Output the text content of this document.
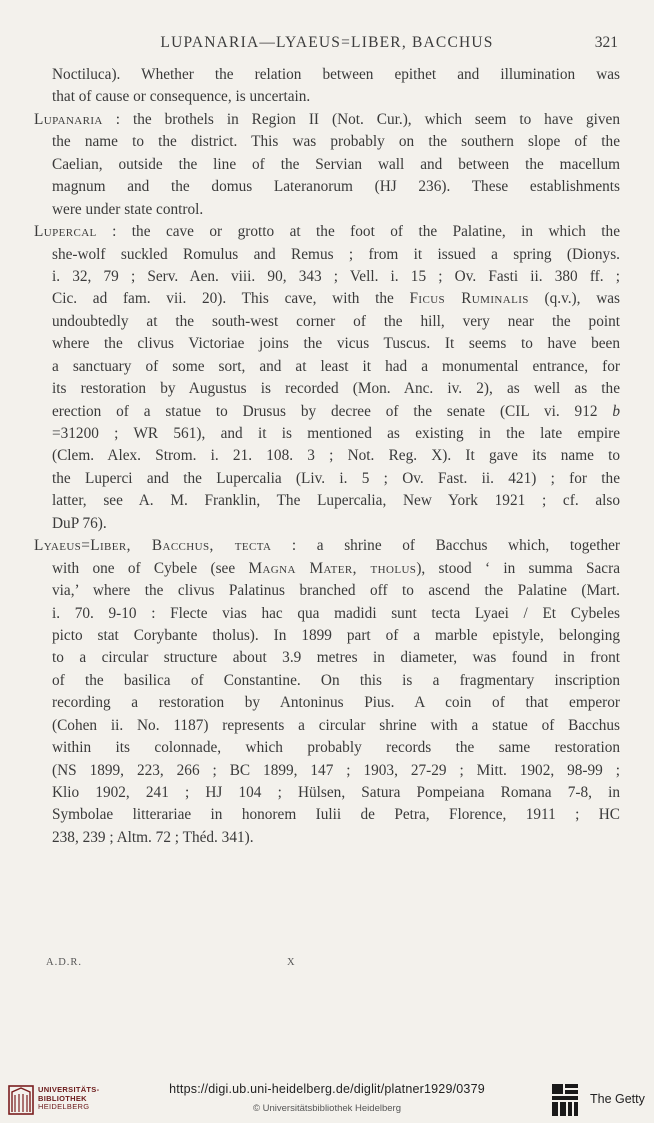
LUPANARIA—LYAEUS=LIBER, BACCHUS	321
Noctiluca). Whether the relation between epithet and illumination was
that of cause or consequence, is uncertain.
Lupanaria : the brothels in Region II (Not. Cur.), which seem to have given
the name to the district. This was probably on the southern slope of the
Caelian, outside the line of the Servian wall and between the macellum
magnum and the domus Lateranorum (HJ 236). These establishments
were under state control.
Lupercal : the cave or grotto at the foot of the Palatine, in which the
she-wolf suckled Romulus and Remus ; from it issued a spring (Dionys.
i. 32, 79 ; Serv. Aen. viii. 90, 343 ; Vell. i. 15 ; Ov. Fasti ii. 380 ff. ;
Cic. ad fam. vii. 20). This cave, with the Ficus Ruminalis (q.v.), was
undoubtedly at the south-west corner of the hill, very near the point
where the clivus Victoriae joins the vicus Tuscus. It seems to have been
a sanctuary of some sort, and at least it had a monumental entrance, for
its restoration by Augustus is recorded (Mon. Anc. iv. 2), as well as the
erection of a statue to Drusus by decree of the senate (CIL vi. 912 b
=31200 ; WR 561), and it is mentioned as existing in the late empire
(Clem. Alex. Strom. i. 21. 108. 3 ; Not. Reg. X). It gave its name to
the Luperci and the Lupercalia (Liv. i. 5 ; Ov. Fast. ii. 421) ; for the
latter, see A. M. Franklin, The Lupercalia, New York 1921 ; cf. also
DuP 76).
Lyaeus=Liber, Bacchus, tecta : a shrine of Bacchus which, together
with one of Cybele (see Magna Mater, tholus), stood ‘ in summa Sacra
via,’ where the clivus Palatinus branched off to ascend the Palatine (Mart.
i. 70. 9-10 : Flecte vias hac qua madidi sunt tecta Lyaei / Et Cybeles
picto stat Corybante tholus). In 1899 part of a marble epistyle, belonging
to a circular structure about 3.9 metres in diameter, was found in front
of the basilica of Constantine. On this is a fragmentary inscription
recording a restoration by Antoninus Pius. A coin of that emperor
(Cohen ii. No. 1187) represents a circular shrine with a statue of Bacchus
within its colonnade, which probably records the same restoration
(NS 1899, 223, 266 ; BC 1899, 147 ; 1903, 27-29 ; Mitt. 1902, 98-99 ;
Klio 1902, 241 ; HJ 104 ; Hülsen, Satura Pompeiana Romana 7-8, in
Symbolae litterariae in honorem Iulii de Petra, Florence, 1911 ; HC
238, 239 ; Altm. 72 ; Théd. 341).
A.D.R.	X
UNIVERSITÄTS-
BIBLIOTHEK
HEIDELBERG
https://digi.ub.uni-heidelberg.de/diglit/platner1929/0379
© Universitätsbibliothek Heidelberg
The Getty
